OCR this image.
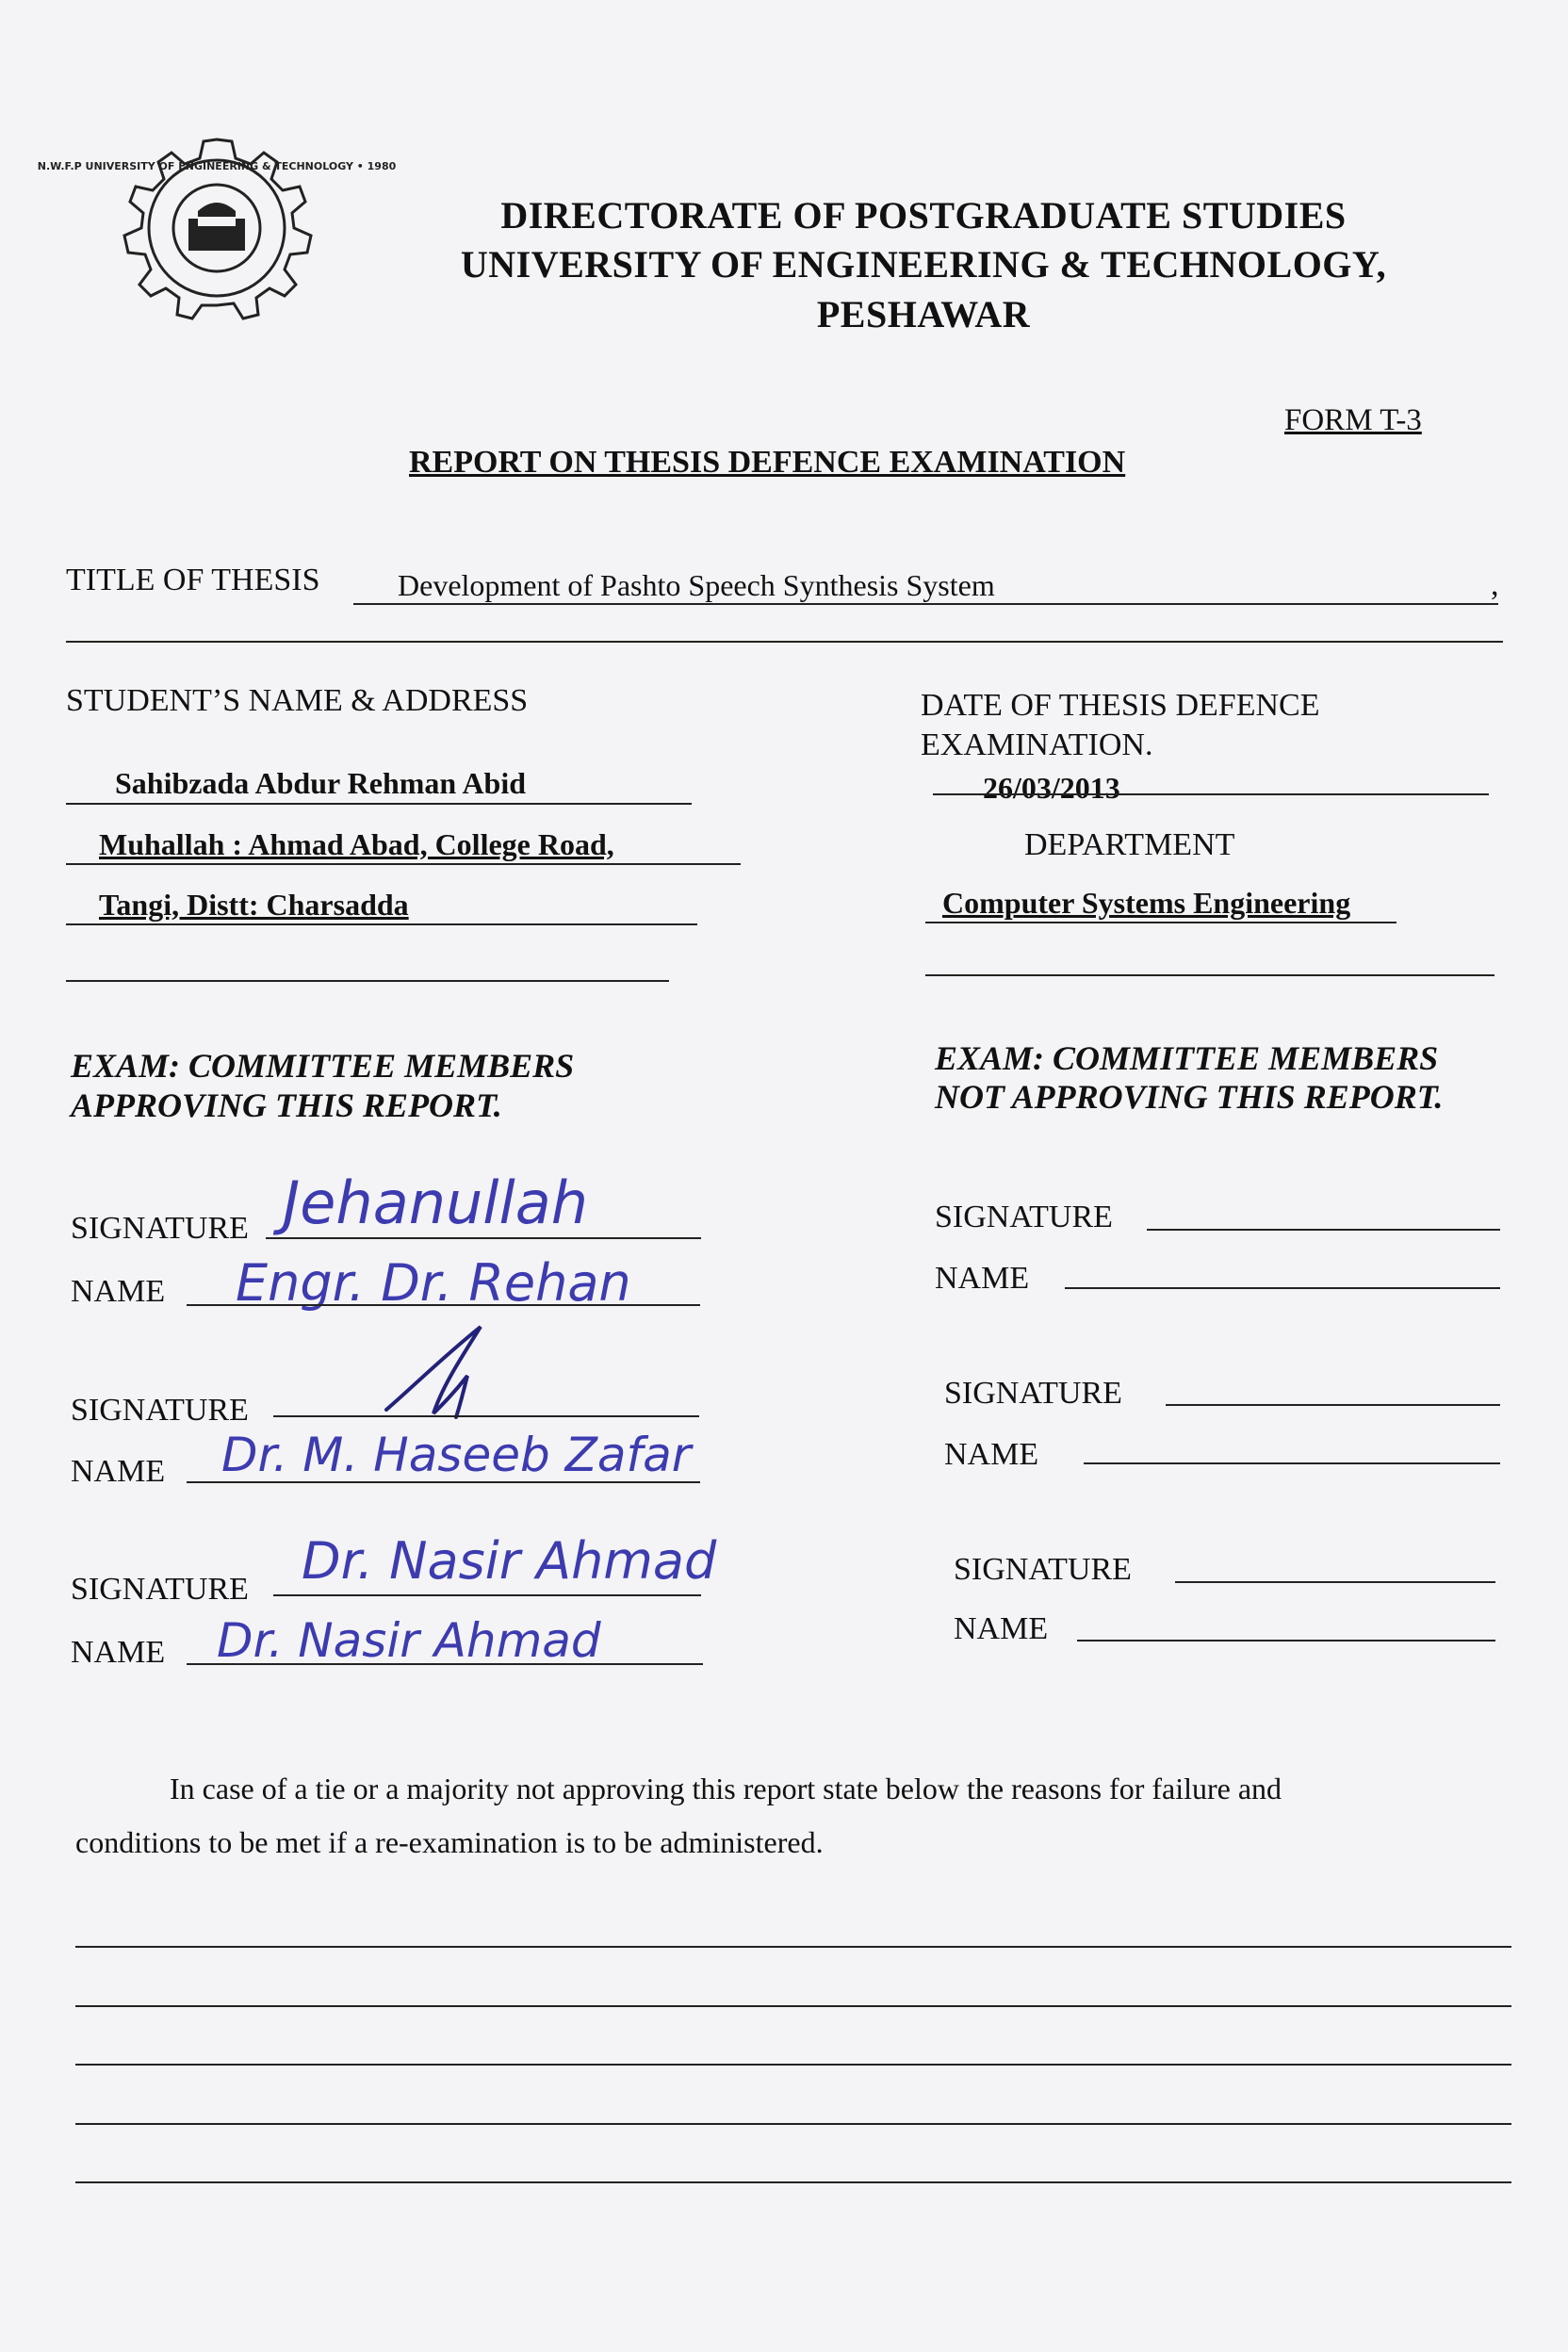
N.W.F.P UNIVERSITY OF ENGINEERING & TECHNOLOGY • 1980
DIRECTORATE OF POSTGRADUATE STUDIES
UNIVERSITY OF ENGINEERING & TECHNOLOGY,
PESHAWAR
FORM T-3
REPORT ON THESIS DEFENCE EXAMINATION
TITLE OF THESIS	Development of Pashto Speech Synthesis System	,
STUDENT’S NAME & ADDRESS
Sahibzada Abdur Rehman Abid
Muhallah : Ahmad Abad, College Road,
Tangi, Distt: Charsadda
DATE OF THESIS DEFENCE
EXAMINATION.
26/03/2013
DEPARTMENT
Computer Systems Engineering
EXAM: COMMITTEE MEMBERS
APPROVING THIS REPORT.
EXAM: COMMITTEE MEMBERS
NOT APPROVING THIS REPORT.
SIGNATURE Jehanullah
NAME Engr. Dr. Rehan
SIGNATURE
NAME Dr. M. Haseeb Zafar
SIGNATURE Dr. Nasir Ahmad
NAME Dr. Nasir Ahmad
SIGNATURE
NAME
SIGNATURE
NAME
SIGNATURE
NAME
In case of a tie or a majority not approving this report state below the reasons for failure and
conditions to be met if a re-examination is to be administered.
